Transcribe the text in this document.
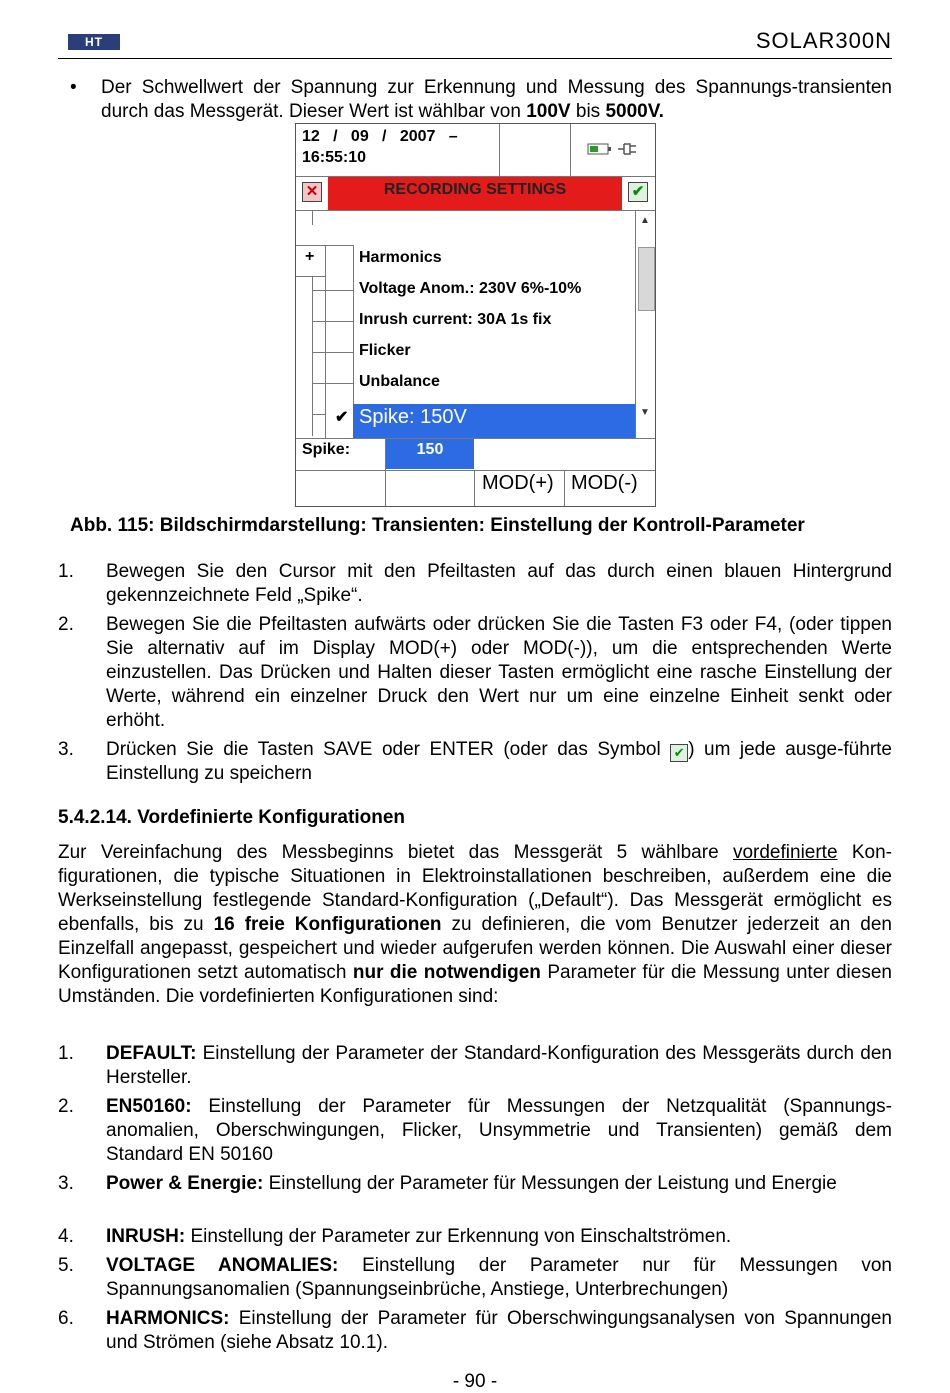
HT	SOLAR300N
• Der Schwellwert der Spannung zur Erkennung und Messung des Spannungs-transienten durch das Messgerät. Dieser Wert ist wählbar von 100V bis 5000V.
12   /   09   /   2007   –
16:55:10
✕	RECORDING SETTINGS	✔
+	Harmonics
Voltage Anom.: 230V 6%-10%
Inrush current: 30A 1s fix
Flicker
Unbalance
✔ Spike: 150V
▲
▼
Spike:	150
MOD(+) MOD(-)
Abb. 115: Bildschirmdarstellung: Transienten: Einstellung der Kontroll-Parameter
1. Bewegen Sie den Cursor mit den Pfeiltasten auf das durch einen blauen Hintergrund gekennzeichnete Feld „Spike“.
2. Bewegen Sie die Pfeiltasten aufwärts oder drücken Sie die Tasten F3 oder F4, (oder tippen Sie alternativ auf im Display MOD(+) oder MOD(-)), um die entsprechenden Werte einzustellen. Das Drücken und Halten dieser Tasten ermöglicht eine rasche Einstellung der Werte, während ein einzelner Druck den Wert nur um eine einzelne Einheit senkt oder erhöht.
3. Drücken Sie die Tasten SAVE oder ENTER (oder das Symbol ✔ ) um jede ausge-führte Einstellung zu speichern
5.4.2.14. Vordefinierte Konfigurationen
Zur Vereinfachung des Messbeginns bietet das Messgerät 5 wählbare vordefinierte Kon-figurationen, die typische Situationen in Elektroinstallationen beschreiben, außerdem eine die Werkseinstellung festlegende Standard-Konfiguration („Default“). Das Messgerät ermöglicht es ebenfalls, bis zu 16 freie Konfigurationen zu definieren, die vom Benutzer jederzeit an den Einzelfall angepasst, gespeichert und wieder aufgerufen werden können. Die Auswahl einer dieser Konfigurationen setzt automatisch nur die notwendigen Parameter für die Messung unter diesen Umständen. Die vordefinierten Konfigurationen sind:
1. DEFAULT: Einstellung der Parameter der Standard-Konfiguration des Messgeräts durch den Hersteller.
2. EN50160: Einstellung der Parameter für Messungen der Netzqualität (Spannungs-anomalien, Oberschwingungen, Flicker, Unsymmetrie und Transienten) gemäß dem Standard EN 50160
3. Power & Energie: Einstellung der Parameter für Messungen der Leistung und Energie
4. INRUSH: Einstellung der Parameter zur Erkennung von Einschaltströmen.
5. VOLTAGE ANOMALIES: Einstellung der Parameter nur für Messungen von Spannungsanomalien (Spannungseinbrüche, Anstiege, Unterbrechungen)
6. HARMONICS: Einstellung der Parameter für Oberschwingungsanalysen von Spannungen und Strömen (siehe Absatz 10.1).
- 90 -
